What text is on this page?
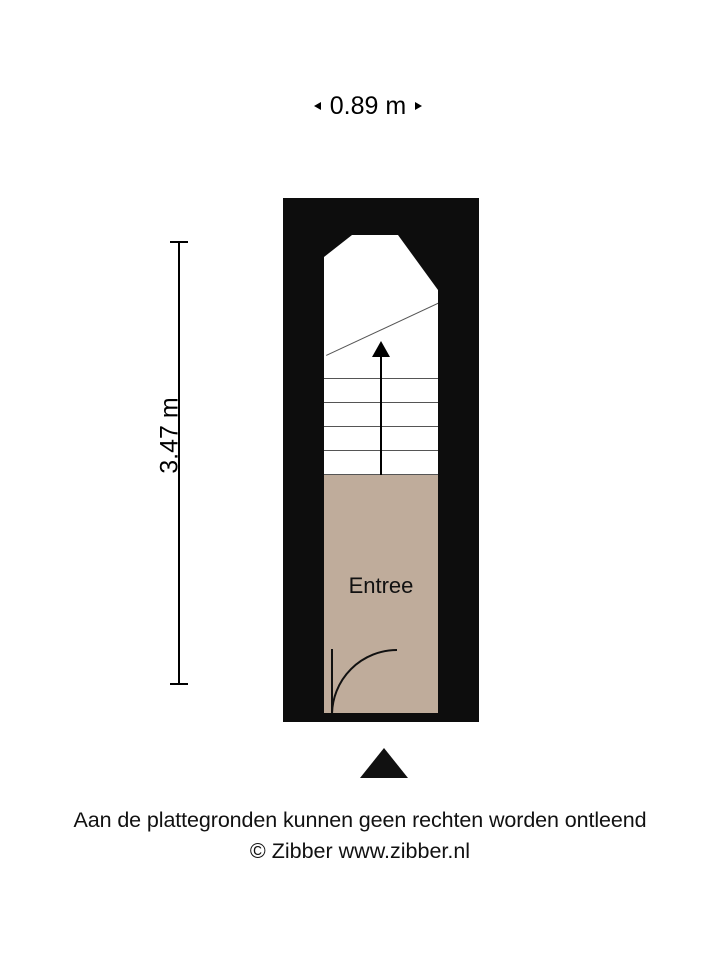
0.89 m
3.47 m
Entree
Aan de plattegronden kunnen geen rechten worden ontleend
© Zibber www.zibber.nl
